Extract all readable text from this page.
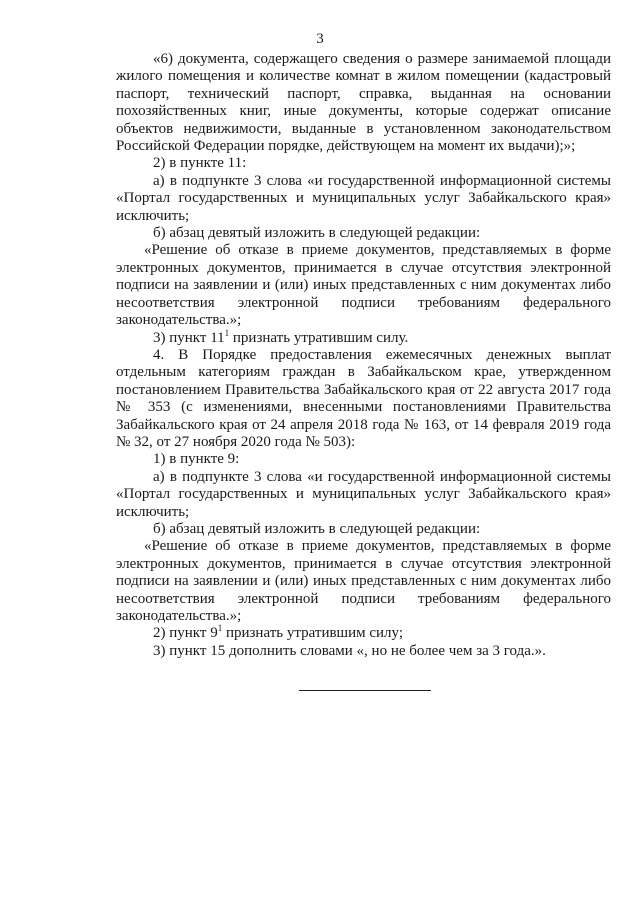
3

«6) документа, содержащего сведения о размере занимаемой площади жилого помещения и количестве комнат в жилом помещении (кадастровый паспорт, технический паспорт, справка, выданная на основании похозяйственных книг, иные документы, которые содержат описание объектов недвижимости, выданные в установленном законодательством Российской Федерации порядке, действующем на момент их выдачи);»;

2) в пункте 11:

а) в подпункте 3 слова «и государственной информационной системы «Портал государственных и муниципальных услуг Забайкальского края» исключить;

б) абзац девятый изложить в следующей редакции:

«Решение об отказе в приеме документов, представляемых в форме электронных документов, принимается в случае отсутствия электронной подписи на заявлении и (или) иных представленных с ним документах либо несоответствия электронной подписи требованиям федерального законодательства.»;

3) пункт $11^1$ признать утратившим силу.

4. В Порядке предоставления ежемесячных денежных выплат отдельным категориям граждан в Забайкальском крае, утвержденном постановлением Правительства Забайкальского края от 22 августа 2017 года № 353 (с изменениями, внесенными постановлениями Правительства Забайкальского края от 24 апреля 2018 года № 163, от 14 февраля 2019 года № 32, от 27 ноября 2020 года № 503):

1) в пункте 9:

а) в подпункте 3 слова «и государственной информационной системы «Портал государственных и муниципальных услуг Забайкальского края» исключить;

б) абзац девятый изложить в следующей редакции:

«Решение об отказе в приеме документов, представляемых в форме электронных документов, принимается в случае отсутствия электронной подписи на заявлении и (или) иных представленных с ним документах либо несоответствия электронной подписи требованиям федерального законодательства.»;

2) пункт $9^1$ признать утратившим силу;

3) пункт 15 дополнить словами «, но не более чем за 3 года.».
